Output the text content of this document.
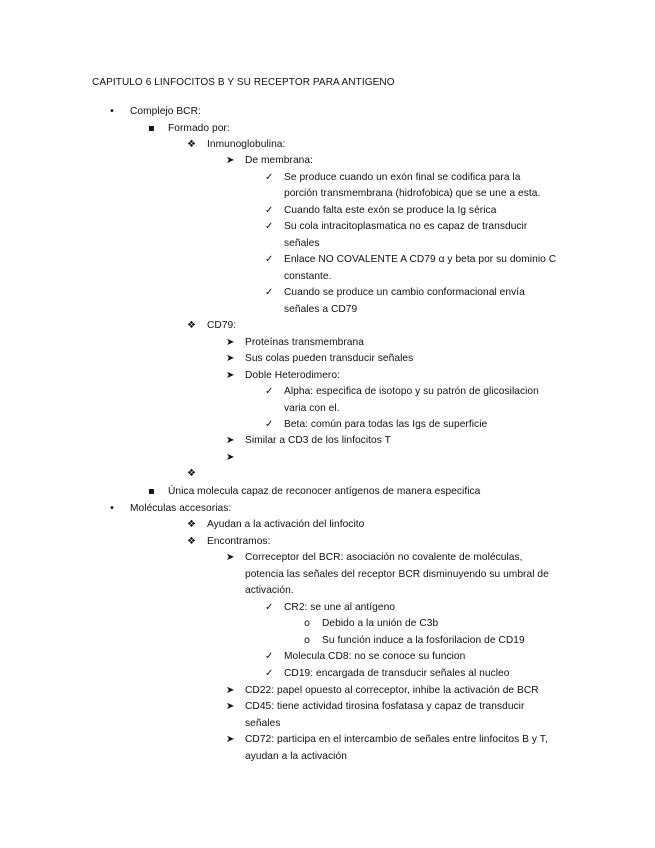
CAPITULO 6 LINFOCITOS B Y SU RECEPTOR PARA ANTIGENO
• Complejo BCR:
▪ Formado por:
❖ Inmunoglobulina:
➤ De membrana:
✓ Se produce cuando un exón final se codifica para la
porción transmembrana (hidrofobica) que se une a esta.
✓ Cuando falta este exón se produce la Ig sérica
✓ Su cola intracitoplasmatica no es capaz de transducir
señales
✓ Enlace NO COVALENTE A CD79 α y beta por su dominio C
constante.
✓ Cuando se produce un cambio conformacional envía
señales a CD79
❖ CD79:
➤ Proteínas transmembrana
➤ Sus colas pueden transducir señales
➤ Doble Heterodimero:
✓ Alpha: especifica de isotopo y su patrón de glicosilacion
varia con el.
✓ Beta: común para todas las Igs de superficie
➤ Similar a CD3 de los linfocitos T
➤
❖
▪ Única molecula capaz de reconocer antígenos de manera especifica
• Moléculas accesorias:
❖ Ayudan a la activación del linfocito
❖ Encontramos:
➤ Correceptor del BCR: asociación no covalente de moléculas,
potencia las señales del receptor BCR disminuyendo su umbral de
activación.
✓ CR2: se une al antígeno
o Debido a la unión de C3b
o Su función induce a la fosforilacion de CD19
✓ Molecula CD8: no se conoce su funcion
✓ CD19: encargada de transducir señales al nucleo
➤ CD22: papel opuesto al correceptor, inhibe la activación de BCR
➤ CD45: tiene actividad tirosina fosfatasa y capaz de transducir
señales
➤ CD72: participa en el intercambio de señales entre linfocitos B y T,
ayudan a la activación
